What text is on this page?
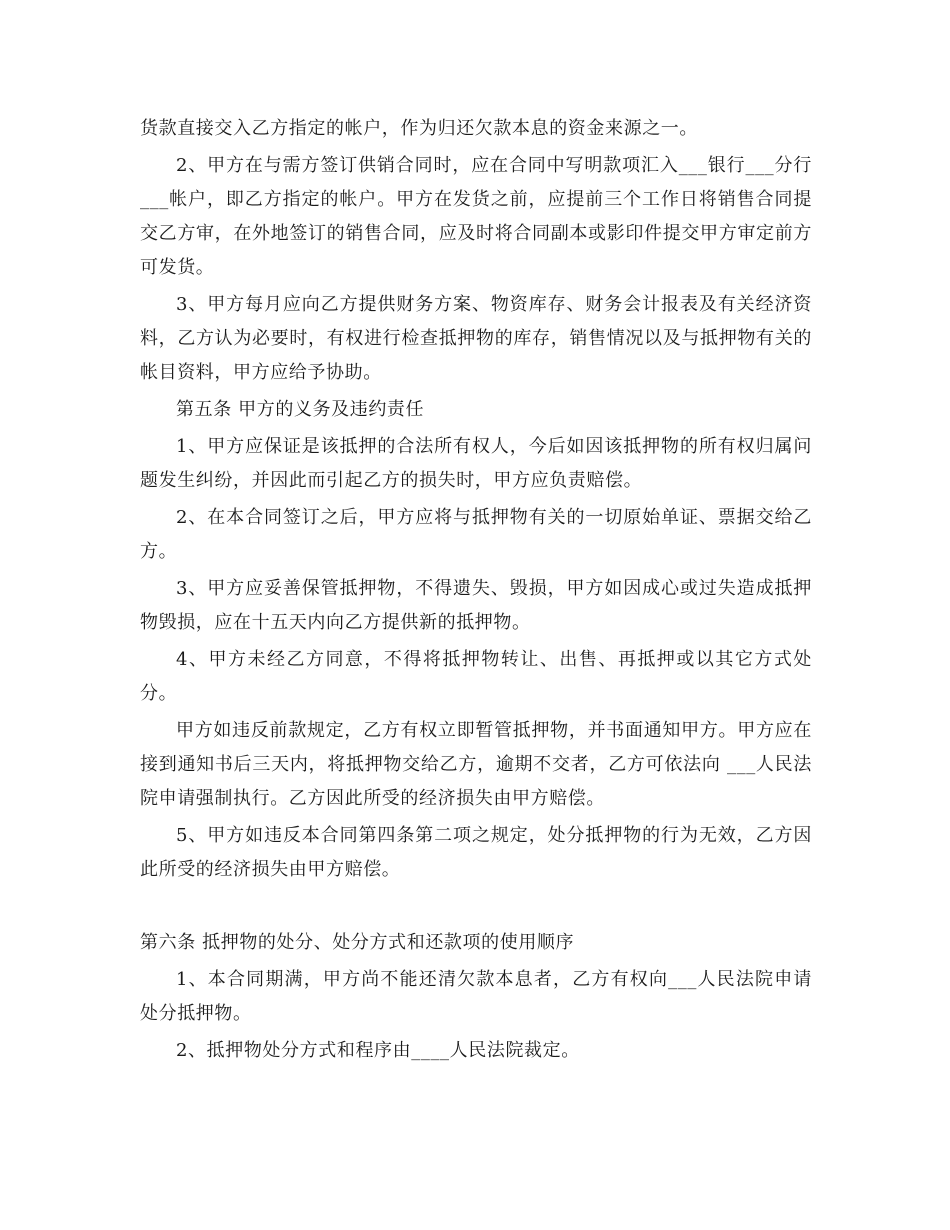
货款直接交入乙方指定的帐户，作为归还欠款本息的资金来源之一。

2、甲方在与需方签订供销合同时，应在合同中写明款项汇入___银行___分行___帐户，即乙方指定的帐户。甲方在发货之前，应提前三个工作日将销售合同提交乙方审，在外地签订的销售合同，应及时将合同副本或影印件提交甲方审定前方可发货。

3、甲方每月应向乙方提供财务方案、物资库存、财务会计报表及有关经济资料，乙方认为必要时，有权进行检查抵押物的库存，销售情况以及与抵押物有关的帐目资料，甲方应给予协助。

第五条 甲方的义务及违约责任

1、甲方应保证是该抵押的合法所有权人，今后如因该抵押物的所有权归属问题发生纠纷，并因此而引起乙方的损失时，甲方应负责赔偿。

2、在本合同签订之后，甲方应将与抵押物有关的一切原始单证、票据交给乙方。

3、甲方应妥善保管抵押物，不得遗失、毁损，甲方如因成心或过失造成抵押物毁损，应在十五天内向乙方提供新的抵押物。

4、甲方未经乙方同意，不得将抵押物转让、出售、再抵押或以其它方式处分。

甲方如违反前款规定，乙方有权立即暂管抵押物，并书面通知甲方。甲方应在接到通知书后三天内，将抵押物交给乙方，逾期不交者，乙方可依法向 ___人民法院申请强制执行。乙方因此所受的经济损失由甲方赔偿。

5、甲方如违反本合同第四条第二项之规定，处分抵押物的行为无效，乙方因此所受的经济损失由甲方赔偿。

第六条 抵押物的处分、处分方式和还款项的使用顺序

1、本合同期满，甲方尚不能还清欠款本息者，乙方有权向___人民法院申请处分抵押物。

2、抵押物处分方式和程序由____人民法院裁定。
